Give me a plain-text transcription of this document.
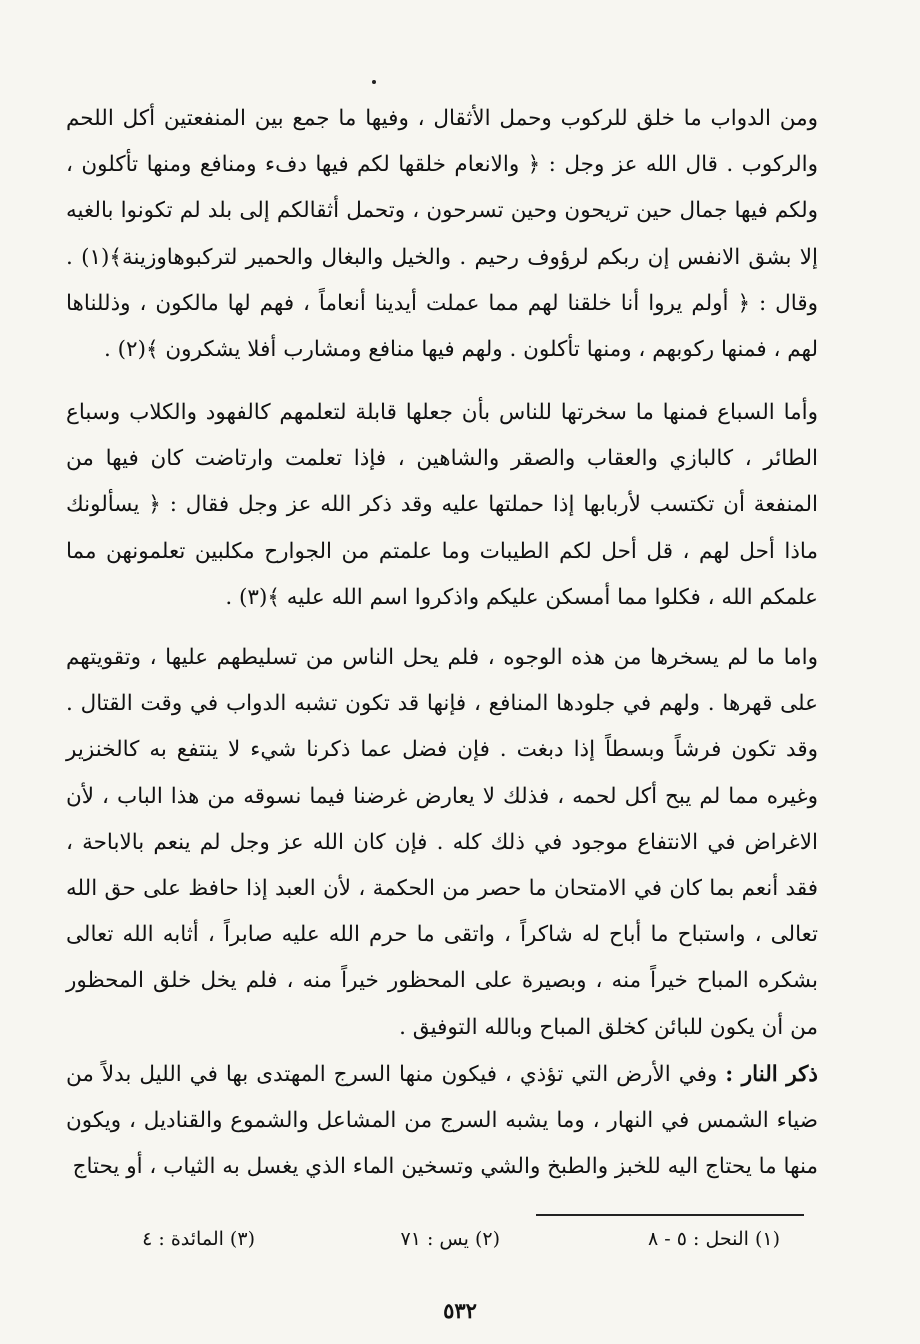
ومن الدواب ما خلق للركوب وحمل الأثقال ، وفيها ما جمع بين المنفعتين أكل اللحم والركوب . قال الله عز وجل : ﴿ والانعام خلقها لكم فيها دفء ومنافع ومنها تأكلون ، ولكم فيها جمال حين تريحون وحين تسرحون ، وتحمل أثقالكم إلى بلد لم تكونوا بالغيه إلا بشق الانفس إن ربكم لرؤوف رحيم . والخيل والبغال والحمير لتركبوهاوزينة﴾(١) . وقال : ﴿ أولم يروا أنا خلقنا لهم مما عملت أيدينا أنعاماً ، فهم لها مالكون ، وذللناها لهم ، فمنها ركوبهم ، ومنها تأكلون . ولهم فيها منافع ومشارب أفلا يشكرون ﴾(٢) .

وأما السباع فمنها ما سخرتها للناس بأن جعلها قابلة لتعلمهم كالفهود والكلاب وسباع الطائر ، كالبازي والعقاب والصقر والشاهين ، فإذا تعلمت وارتاضت كان فيها من المنفعة أن تكتسب لأربابها إذا حملتها عليه وقد ذكر الله عز وجل فقال : ﴿ يسألونك ماذا أحل لهم ، قل أحل لكم الطيبات وما علمتم من الجوارح مكلبين تعلمونهن مما علمكم الله ، فكلوا مما أمسكن عليكم واذكروا اسم الله عليه ﴾(٣) .

واما ما لم يسخرها من هذه الوجوه ، فلم يحل الناس من تسليطهم عليها ، وتقويتهم على قهرها . ولهم في جلودها المنافع ، فإنها قد تكون تشبه الدواب في وقت القتال . وقد تكون فرشاً وبسطاً إذا دبغت . فإن فضل عما ذكرنا شيء لا ينتفع به كالخنزير وغيره مما لم يبح أكل لحمه ، فذلك لا يعارض غرضنا فيما نسوقه من هذا الباب ، لأن الاغراض في الانتفاع موجود في ذلك كله . فإن كان الله عز وجل لم ينعم بالاباحة ، فقد أنعم بما كان في الامتحان ما حصر من الحكمة ، لأن العبد إذا حافظ على حق الله تعالى ، واستباح ما أباح له شاكراً ، واتقى ما حرم الله عليه صابراً ، أثابه الله تعالى بشكره المباح خيراً منه ، وبصيرة على المحظور خيراً منه ، فلم يخل خلق المحظور من أن يكون للبائن كخلق المباح وبالله التوفيق .

ذكر النار : وفي الأرض التي تؤذي ، فيكون منها السرج المهتدى بها في الليل بدلاً من ضياء الشمس في النهار ، وما يشبه السرج من المشاعل والشموع والقناديل ، ويكون منها ما يحتاج اليه للخبز والطبخ والشي وتسخين الماء الذي يغسل به الثياب ، أو يحتاج

(١) النحل : ٥ - ٨
(٢) يس : ٧١
(٣) المائدة : ٤
٥٣٢
